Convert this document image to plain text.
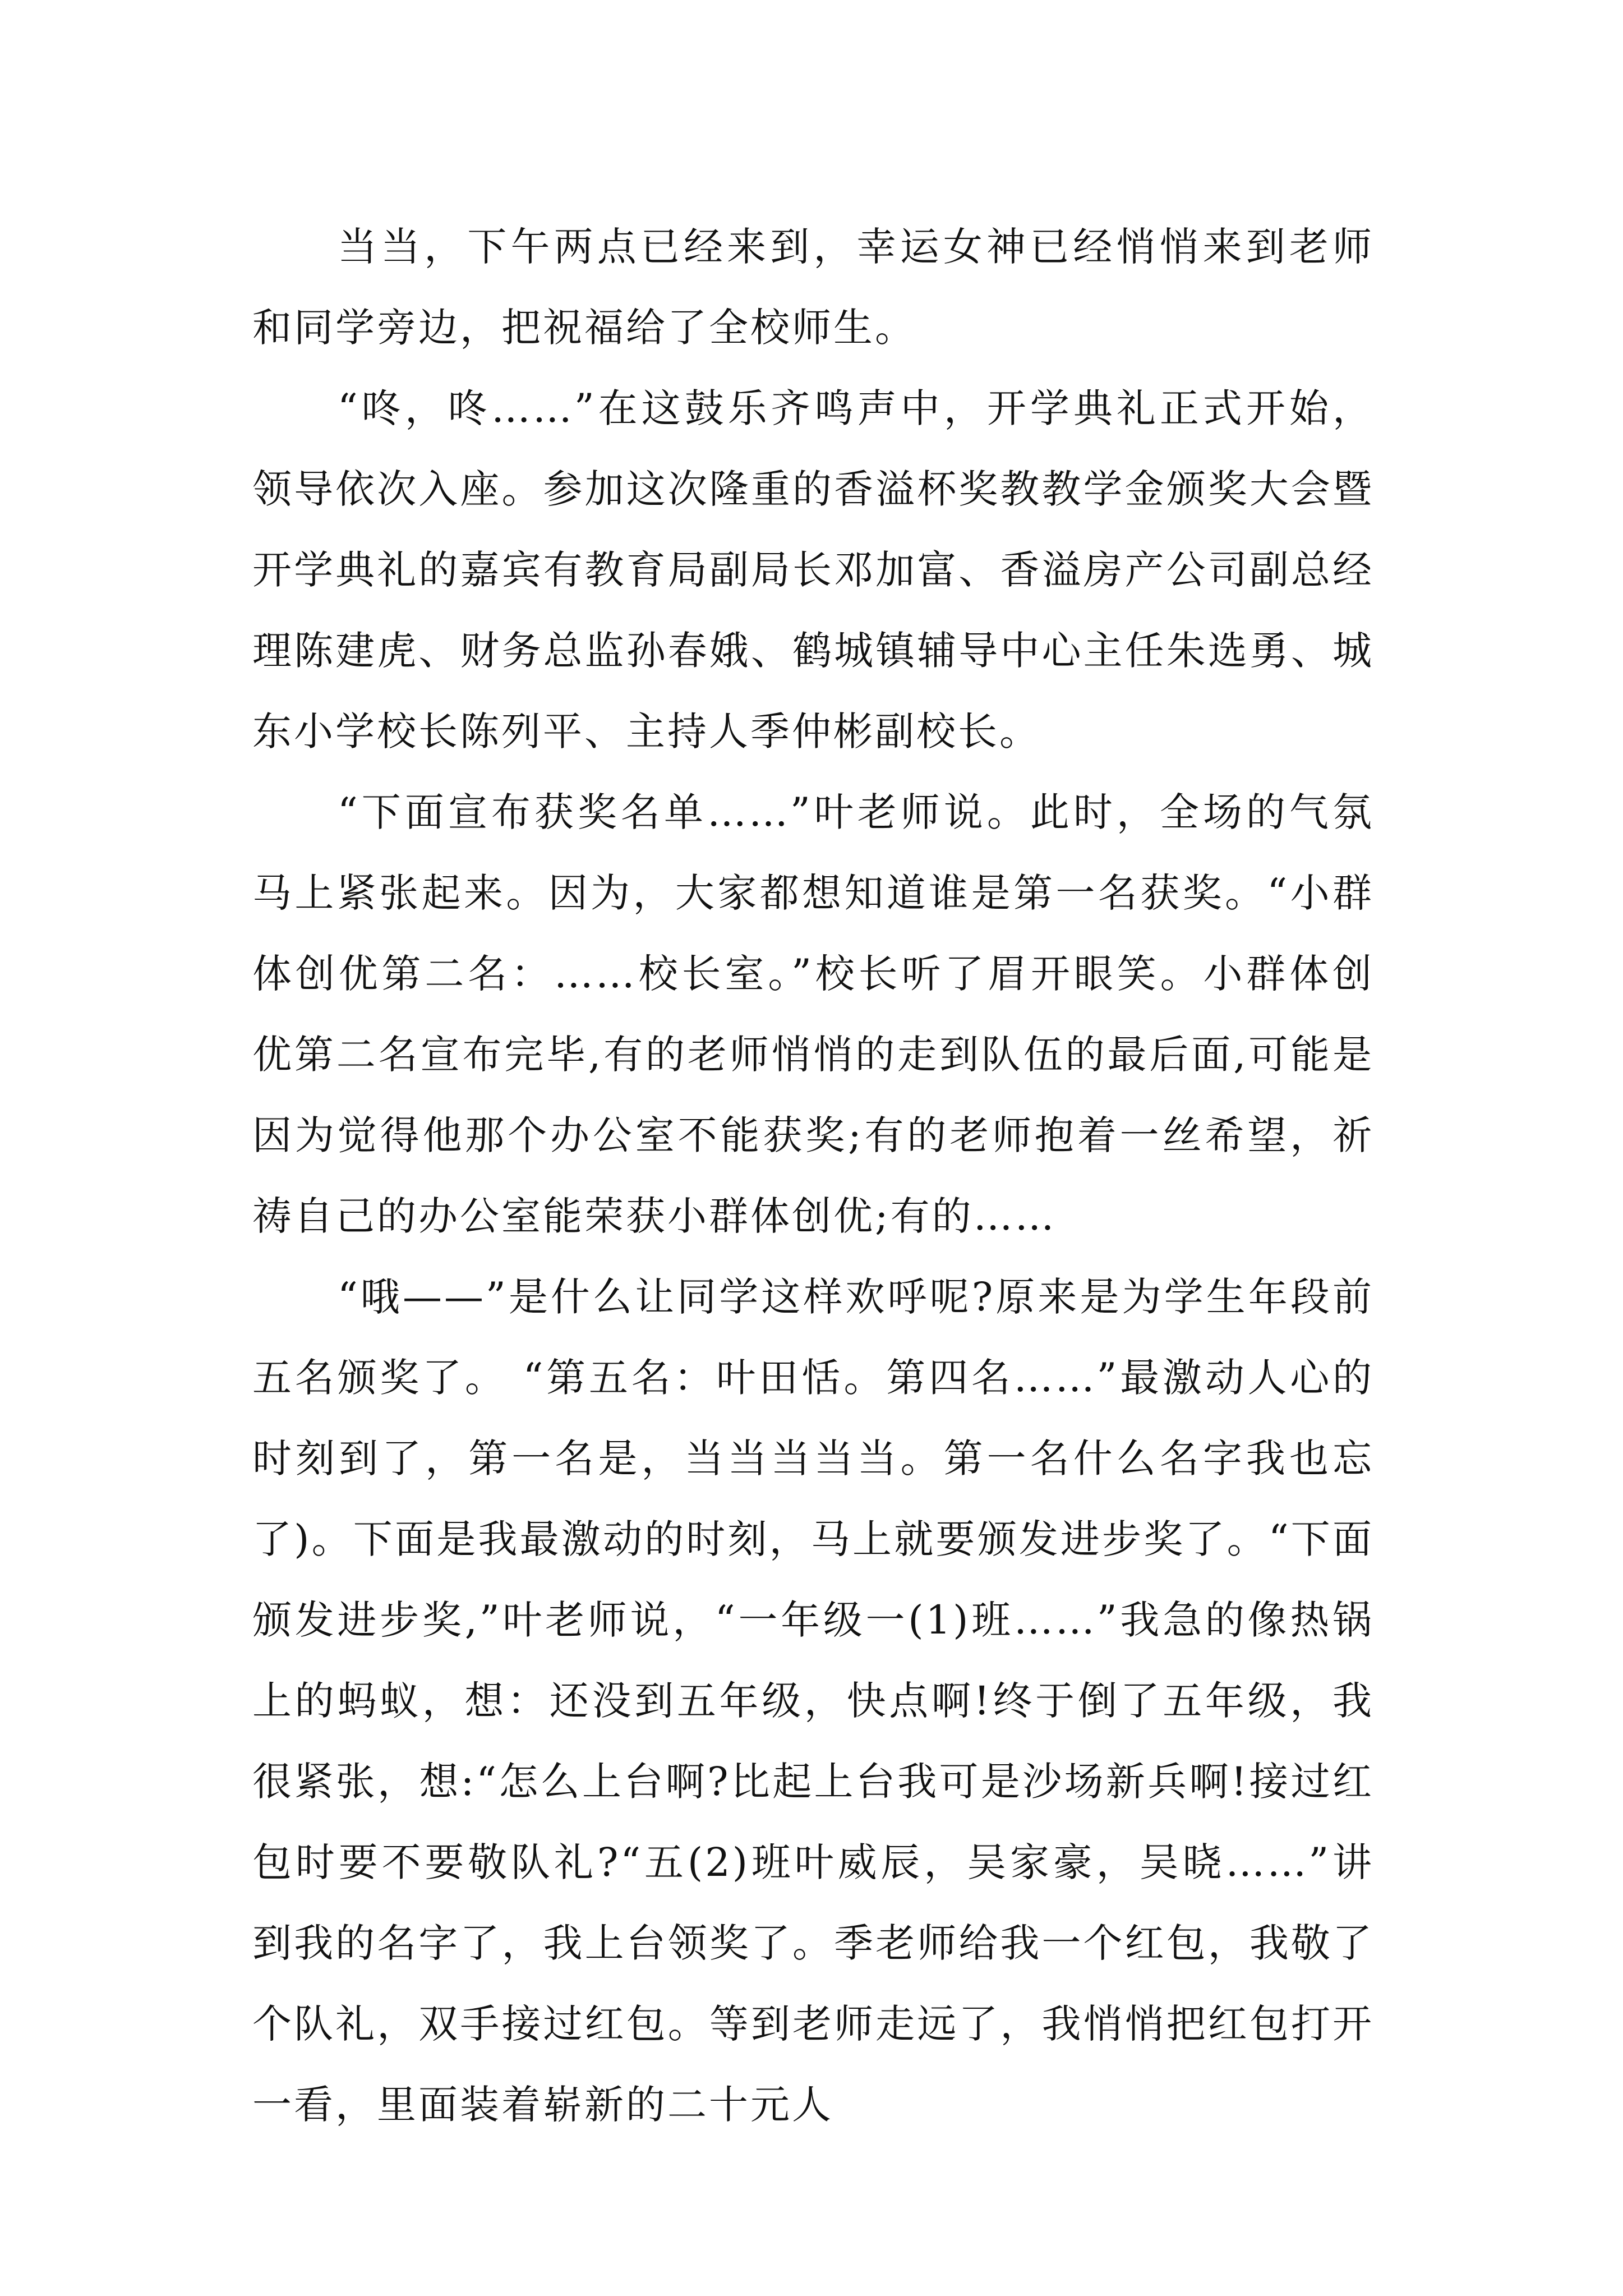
当当，下午两点已经来到，幸运女神已经悄悄来到老师和同学旁边，把祝福给了全校师生。

“咚，咚……”在这鼓乐齐鸣声中，开学典礼正式开始，领导依次入座。参加这次隆重的香溢杯奖教教学金颁奖大会暨开学典礼的嘉宾有教育局副局长邓加富、香溢房产公司副总经理陈建虎、财务总监孙春娥、鹤城镇辅导中心主任朱选勇、城东小学校长陈列平、主持人季仲彬副校长。

“下面宣布获奖名单……”叶老师说。此时，全场的气氛马上紧张起来。因为，大家都想知道谁是第一名获奖。“小群体创优第二名：……校长室。”校长听了眉开眼笑。小群体创优第二名宣布完毕,有的老师悄悄的走到队伍的最后面,可能是因为觉得他那个办公室不能获奖;有的老师抱着一丝希望，祈祷自己的办公室能荣获小群体创优;有的……

“哦——”是什么让同学这样欢呼呢?原来是为学生年段前五名颁奖了。 “第五名：叶田恬。第四名……”最激动人心的时刻到了，第一名是，当当当当当。第一名什么名字我也忘了)。下面是我最激动的时刻，马上就要颁发进步奖了。“下面颁发进步奖,”叶老师说，“一年级一(1)班……”我急的像热锅上的蚂蚁，想：还没到五年级，快点啊!终于倒了五年级，我很紧张，想:“怎么上台啊?比起上台我可是沙场新兵啊!接过红包时要不要敬队礼?“五(2)班叶威辰，吴家豪，吴晓……”讲到我的名字了，我上台领奖了。季老师给我一个红包，我敬了个队礼，双手接过红包。等到老师走远了，我悄悄把红包打开一看，里面装着崭新的二十元人
